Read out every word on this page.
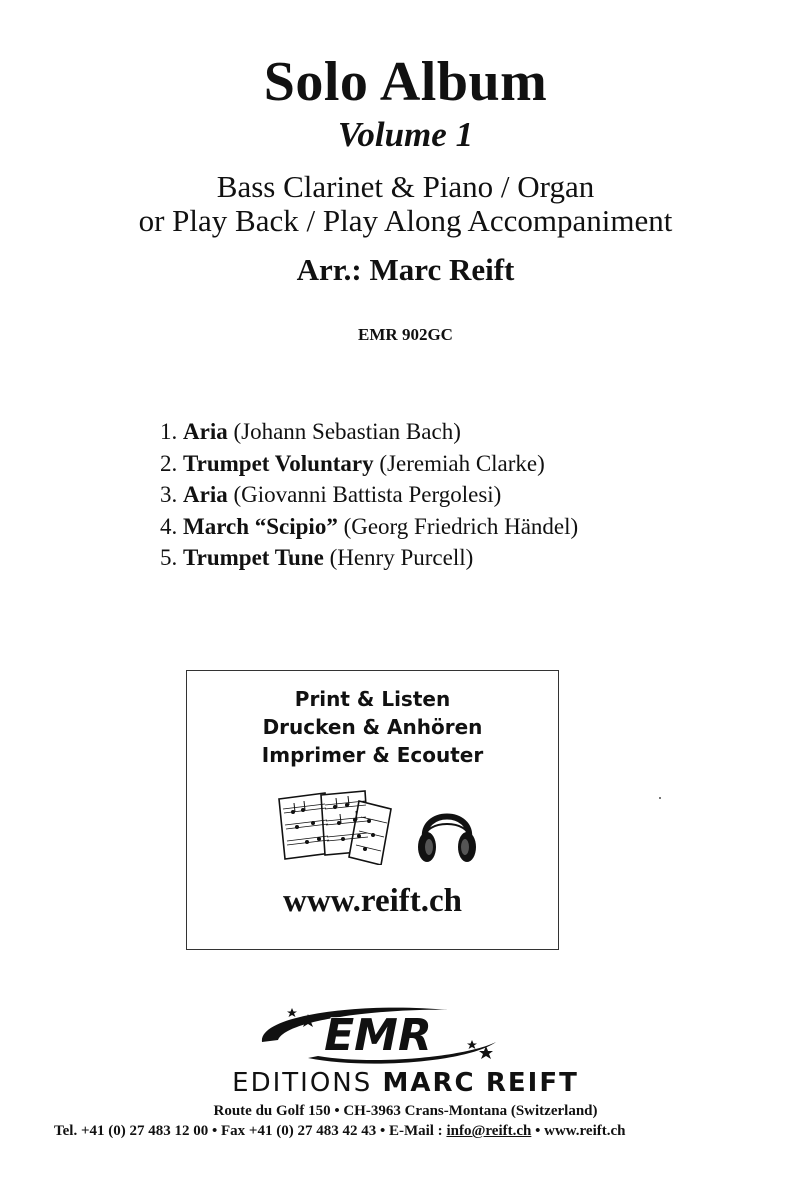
Solo Album
Volume 1
Bass Clarinet & Piano / Organ
or Play Back / Play Along Accompaniment
Arr.: Marc Reift
EMR 902GC
1. Aria (Johann Sebastian Bach)
2. Trumpet Voluntary (Jeremiah Clarke)
3. Aria (Giovanni Battista Pergolesi)
4. March “Scipio” (Georg Friedrich Händel)
5. Trumpet Tune (Henry Purcell)
Print & Listen
Drucken & Anhören
Imprimer & Ecouter
www.reift.ch
EMR
EDITIONS MARC REIFT
Route du Golf 150 • CH-3963 Crans-Montana (Switzerland)
Tel. +41 (0) 27 483 12 00 • Fax +41 (0) 27 483 42 43 • E-Mail : info@reift.ch • www.reift.ch
